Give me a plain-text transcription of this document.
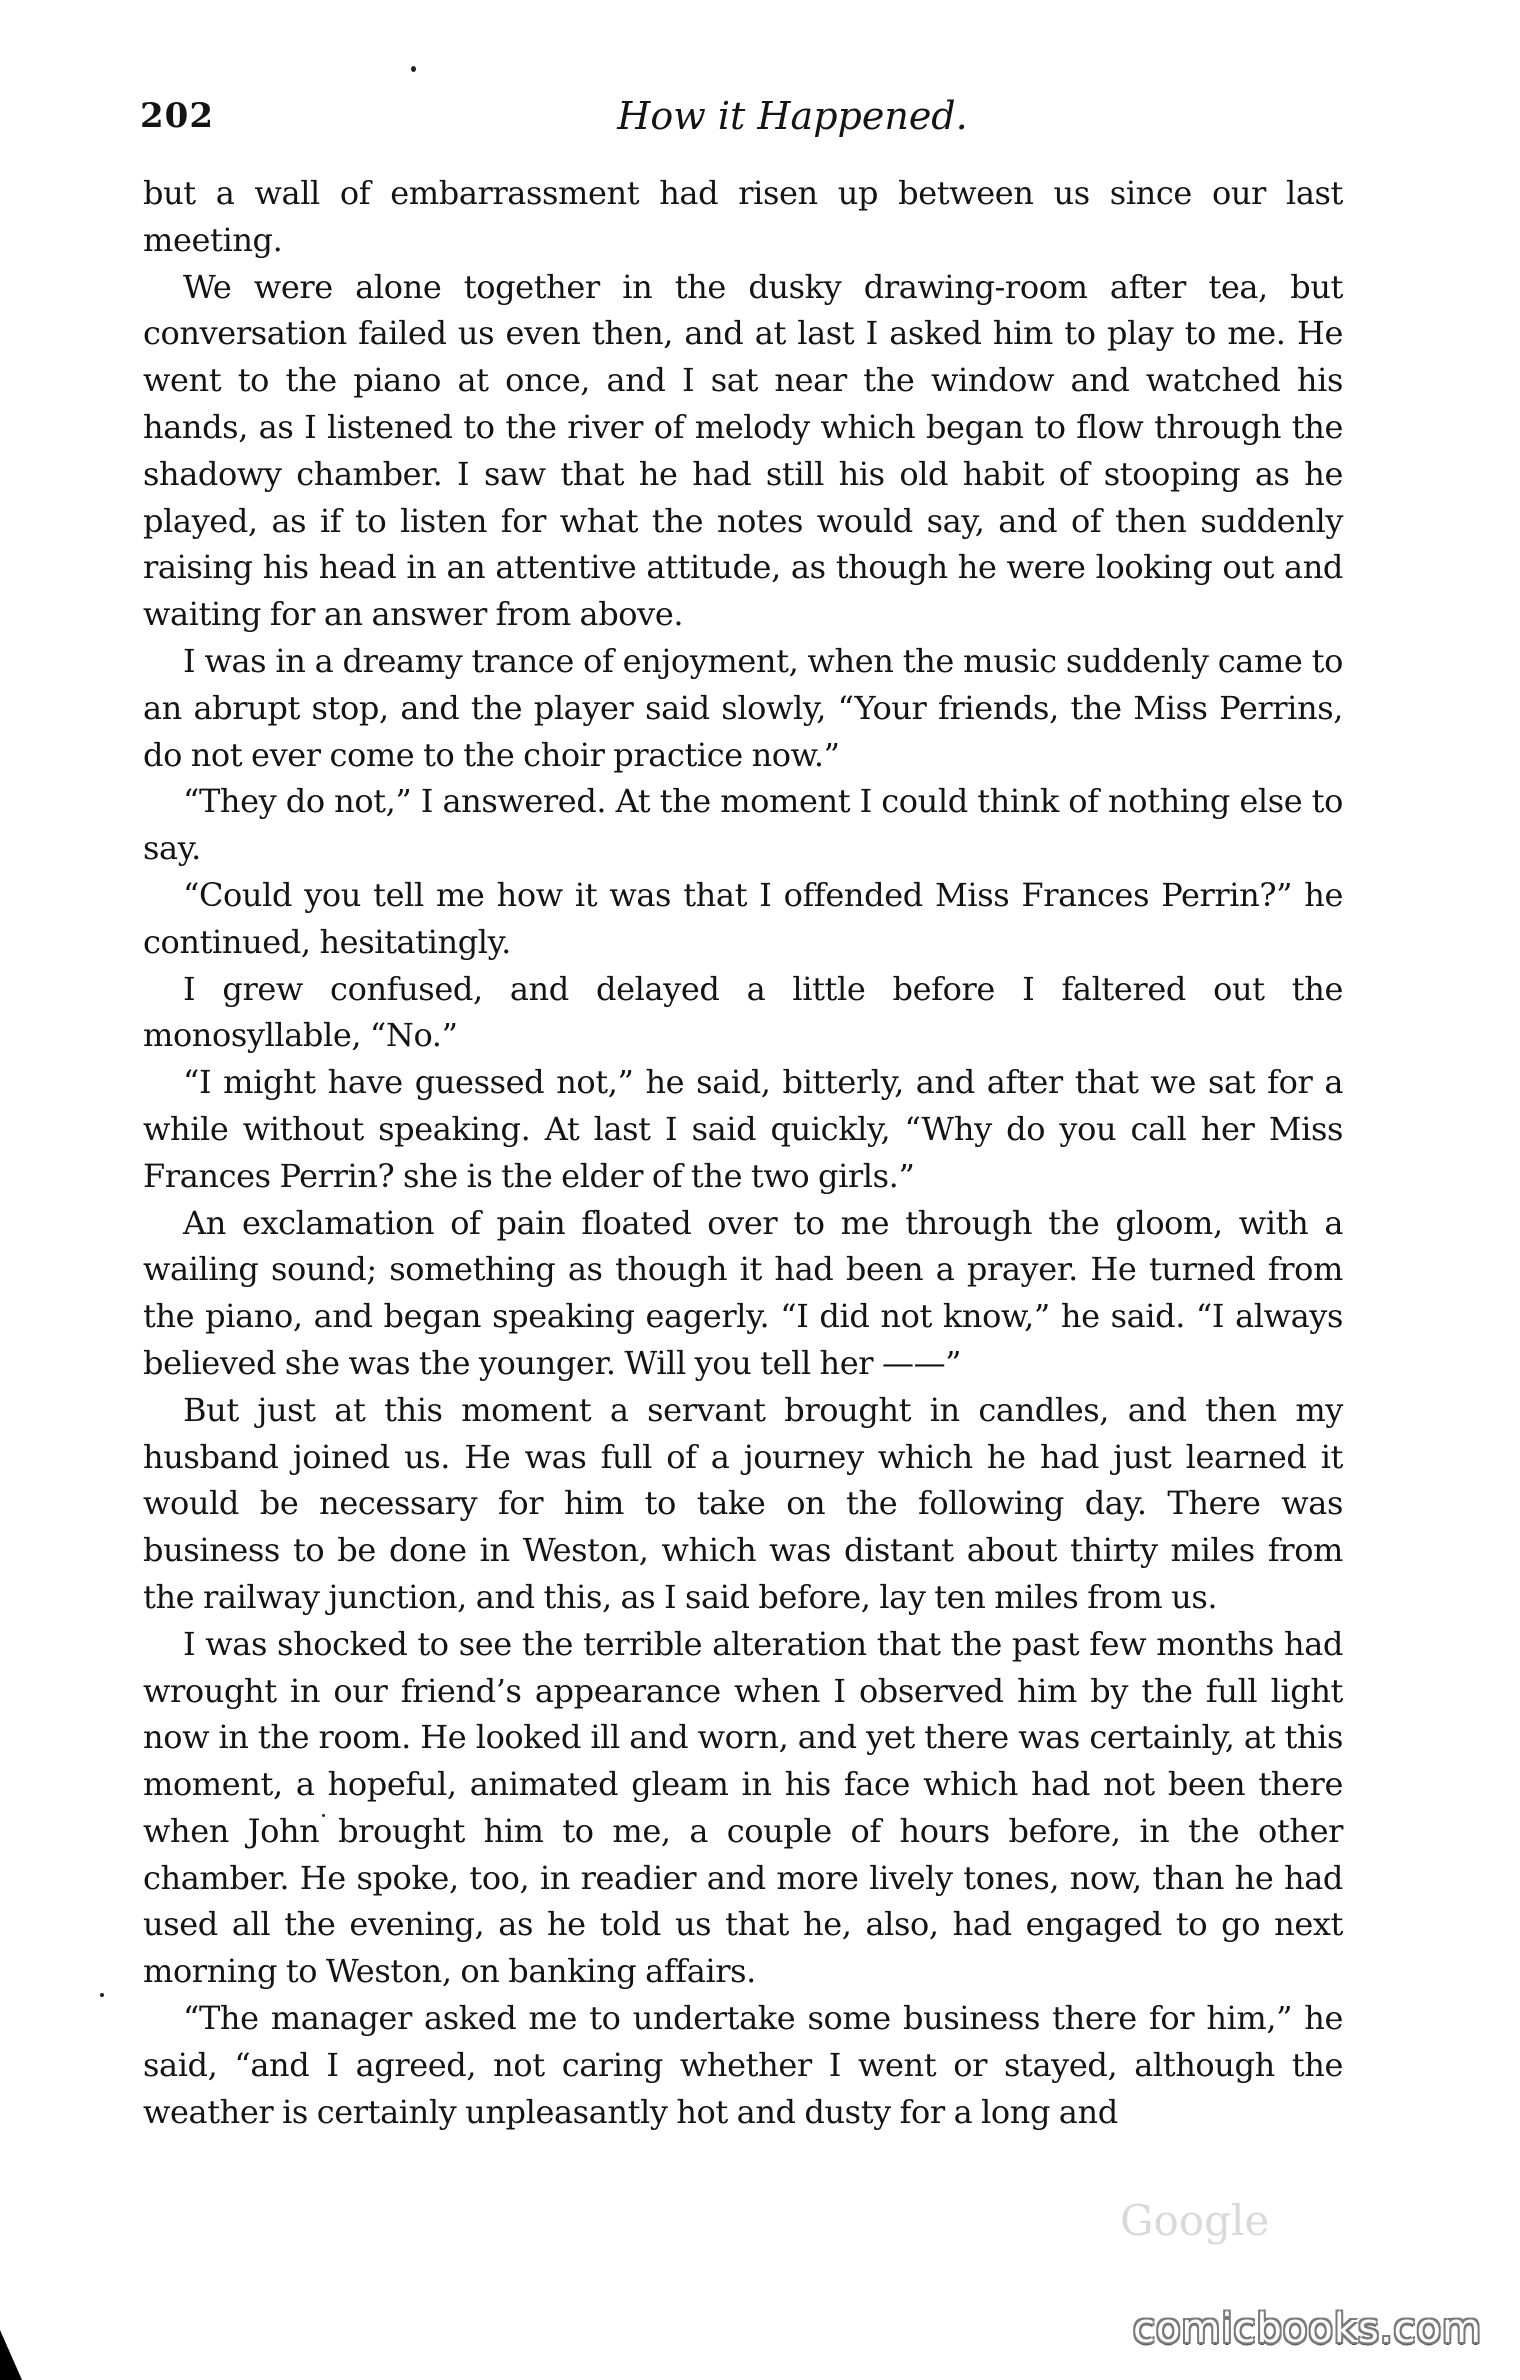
202	How it Happened.

but a wall of embarrassment had risen up between us since our last meeting.

We were alone together in the dusky drawing-room after tea, but conversation failed us even then, and at last I asked him to play to me. He went to the piano at once, and I sat near the window and watched his hands, as I listened to the river of melody which began to flow through the shadowy chamber. I saw that he had still his old habit of stooping as he played, as if to listen for what the notes would say, and of then suddenly raising his head in an attentive attitude, as though he were looking out and waiting for an answer from above.

I was in a dreamy trance of enjoyment, when the music suddenly came to an abrupt stop, and the player said slowly, “Your friends, the Miss Perrins, do not ever come to the choir practice now.”

“They do not,” I answered. At the moment I could think of nothing else to say.

“Could you tell me how it was that I offended Miss Frances Perrin?” he continued, hesitatingly.

I grew confused, and delayed a little before I faltered out the monosyllable, “No.”

“I might have guessed not,” he said, bitterly, and after that we sat for a while without speaking. At last I said quickly, “Why do you call her Miss Frances Perrin? she is the elder of the two girls.”

An exclamation of pain floated over to me through the gloom, with a wailing sound; something as though it had been a prayer. He turned from the piano, and began speaking eagerly. “I did not know,” he said. “I always believed she was the younger. Will you tell her ——”

But just at this moment a servant brought in candles, and then my husband joined us. He was full of a journey which he had just learned it would be necessary for him to take on the following day. There was business to be done in Weston, which was distant about thirty miles from the railway junction, and this, as I said before, lay ten miles from us.

I was shocked to see the terrible alteration that the past few months had wrought in our friend’s appearance when I observed him by the full light now in the room. He looked ill and worn, and yet there was certainly, at this moment, a hopeful, animated gleam in his face which had not been there when John brought him to me, a couple of hours before, in the other chamber. He spoke, too, in readier and more lively tones, now, than he had used all the evening, as he told us that he, also, had engaged to go next morning to Weston, on banking affairs.

“The manager asked me to undertake some business there for him,” he said, “and I agreed, not caring whether I went or stayed, although the weather is certainly unpleasantly hot and dusty for a long and

Google
comicbooks.com
